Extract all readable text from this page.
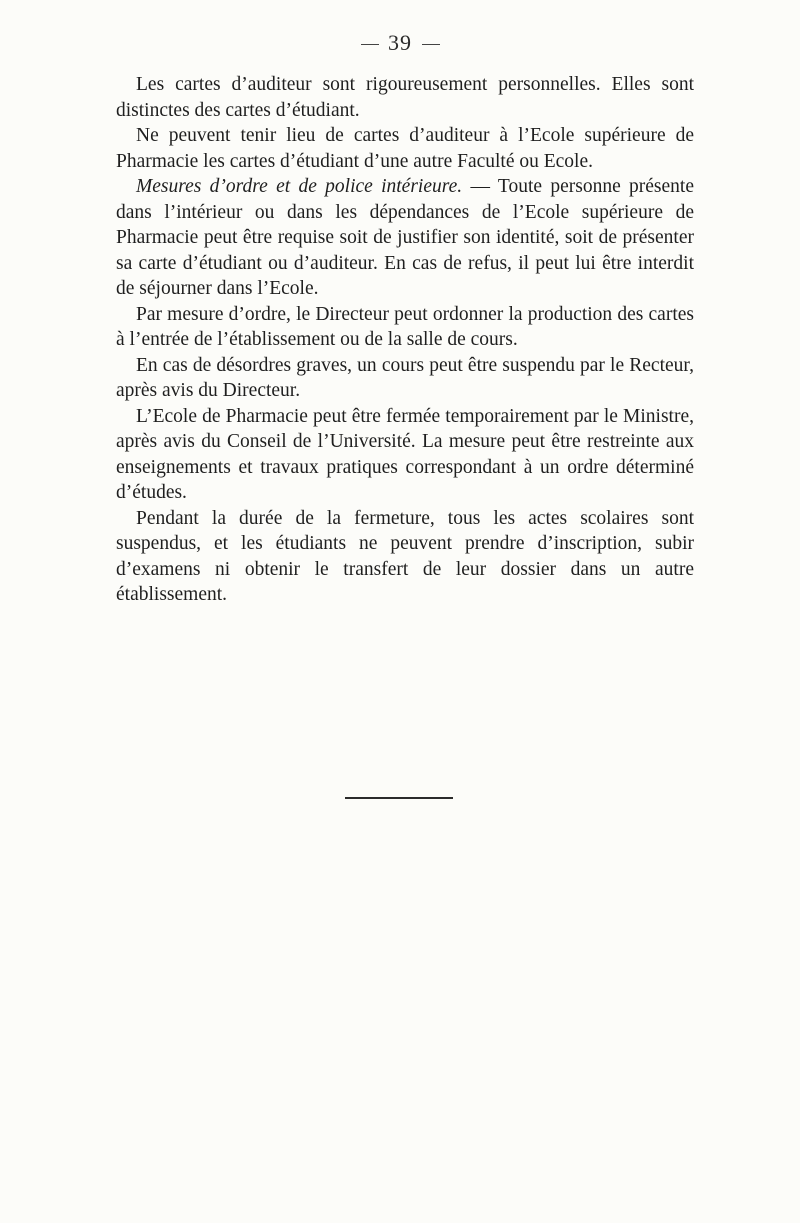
39

Les cartes d’auditeur sont rigoureusement personnelles. Elles sont distinctes des cartes d’étudiant.

Ne peuvent tenir lieu de cartes d’auditeur à l’Ecole supérieure de Pharmacie les cartes d’étudiant d’une autre Faculté ou Ecole.

Mesures d’ordre et de police intérieure. — Toute personne présente dans l’intérieur ou dans les dépendances de l’Ecole supérieure de Pharmacie peut être requise soit de justifier son identité, soit de présenter sa carte d’étudiant ou d’auditeur. En cas de refus, il peut lui être interdit de séjourner dans l’Ecole.

Par mesure d’ordre, le Directeur peut ordonner la production des cartes à l’entrée de l’établissement ou de la salle de cours.

En cas de désordres graves, un cours peut être suspendu par le Recteur, après avis du Directeur.

L’Ecole de Pharmacie peut être fermée temporairement par le Ministre, après avis du Conseil de l’Université. La mesure peut être restreinte aux enseignements et travaux pratiques correspondant à un ordre déterminé d’études.

Pendant la durée de la fermeture, tous les actes scolaires sont suspendus, et les étudiants ne peuvent prendre d’inscription, subir d’examens ni obtenir le transfert de leur dossier dans un autre établissement.
